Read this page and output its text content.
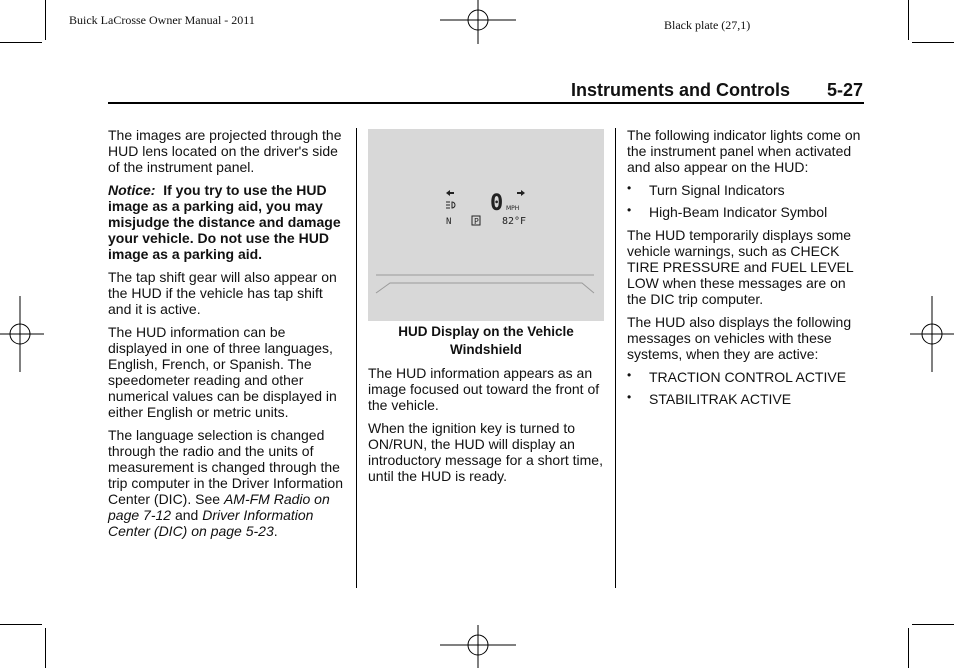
Buick LaCrosse Owner Manual - 2011	Black plate (27,1)
Instruments and Controls 5-27

The images are projected through the HUD lens located on the driver's side of the instrument panel.

Notice: If you try to use the HUD image as a parking aid, you may misjudge the distance and damage your vehicle. Do not use the HUD image as a parking aid.

The tap shift gear will also appear on the HUD if the vehicle has tap shift and it is active.

The HUD information can be displayed in one of three languages, English, French, or Spanish. The speedometer reading and other numerical values can be displayed in either English or metric units.

The language selection is changed through the radio and the units of measurement is changed through the trip computer in the Driver Information Center (DIC). See AM-FM Radio on page 7-12 and Driver Information Center (DIC) on page 5-23.

0 MPH
N	P 82°F
HUD Display on the Vehicle
Windshield

The HUD information appears as an image focused out toward the front of the vehicle.

When the ignition key is turned to ON/RUN, the HUD will display an introductory message for a short time, until the HUD is ready.

The following indicator lights come on the instrument panel when activated and also appear on the HUD:

• Turn Signal Indicators
• High-Beam Indicator Symbol

The HUD temporarily displays some vehicle warnings, such as CHECK TIRE PRESSURE and FUEL LEVEL LOW when these messages are on the DIC trip computer.

The HUD also displays the following messages on vehicles with these systems, when they are active:

• TRACTION CONTROL ACTIVE
• STABILITRAK ACTIVE
